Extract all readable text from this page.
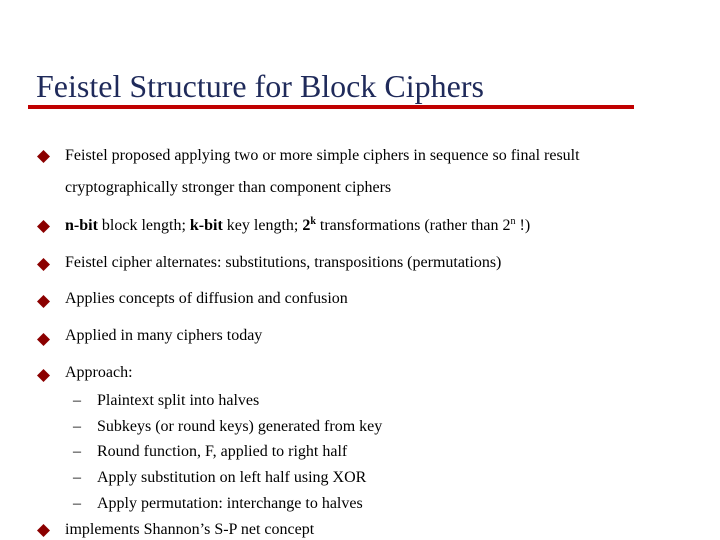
Feistel Structure for Block Ciphers
Feistel proposed applying two or more simple ciphers in sequence so final result
cryptographically stronger than component ciphers
n-bit block length; k-bit key length; 2$^k$ transformations (rather than 2$^n$ !)
Feistel cipher alternates: substitutions, transpositions (permutations)
Applies concepts of diffusion and confusion
Applied in many ciphers today
Approach:
– Plaintext split into halves
– Subkeys (or round keys) generated from key
– Round function, F, applied to right half
– Apply substitution on left half using XOR
– Apply permutation: interchange to halves
implements Shannon’s S-P net concept
